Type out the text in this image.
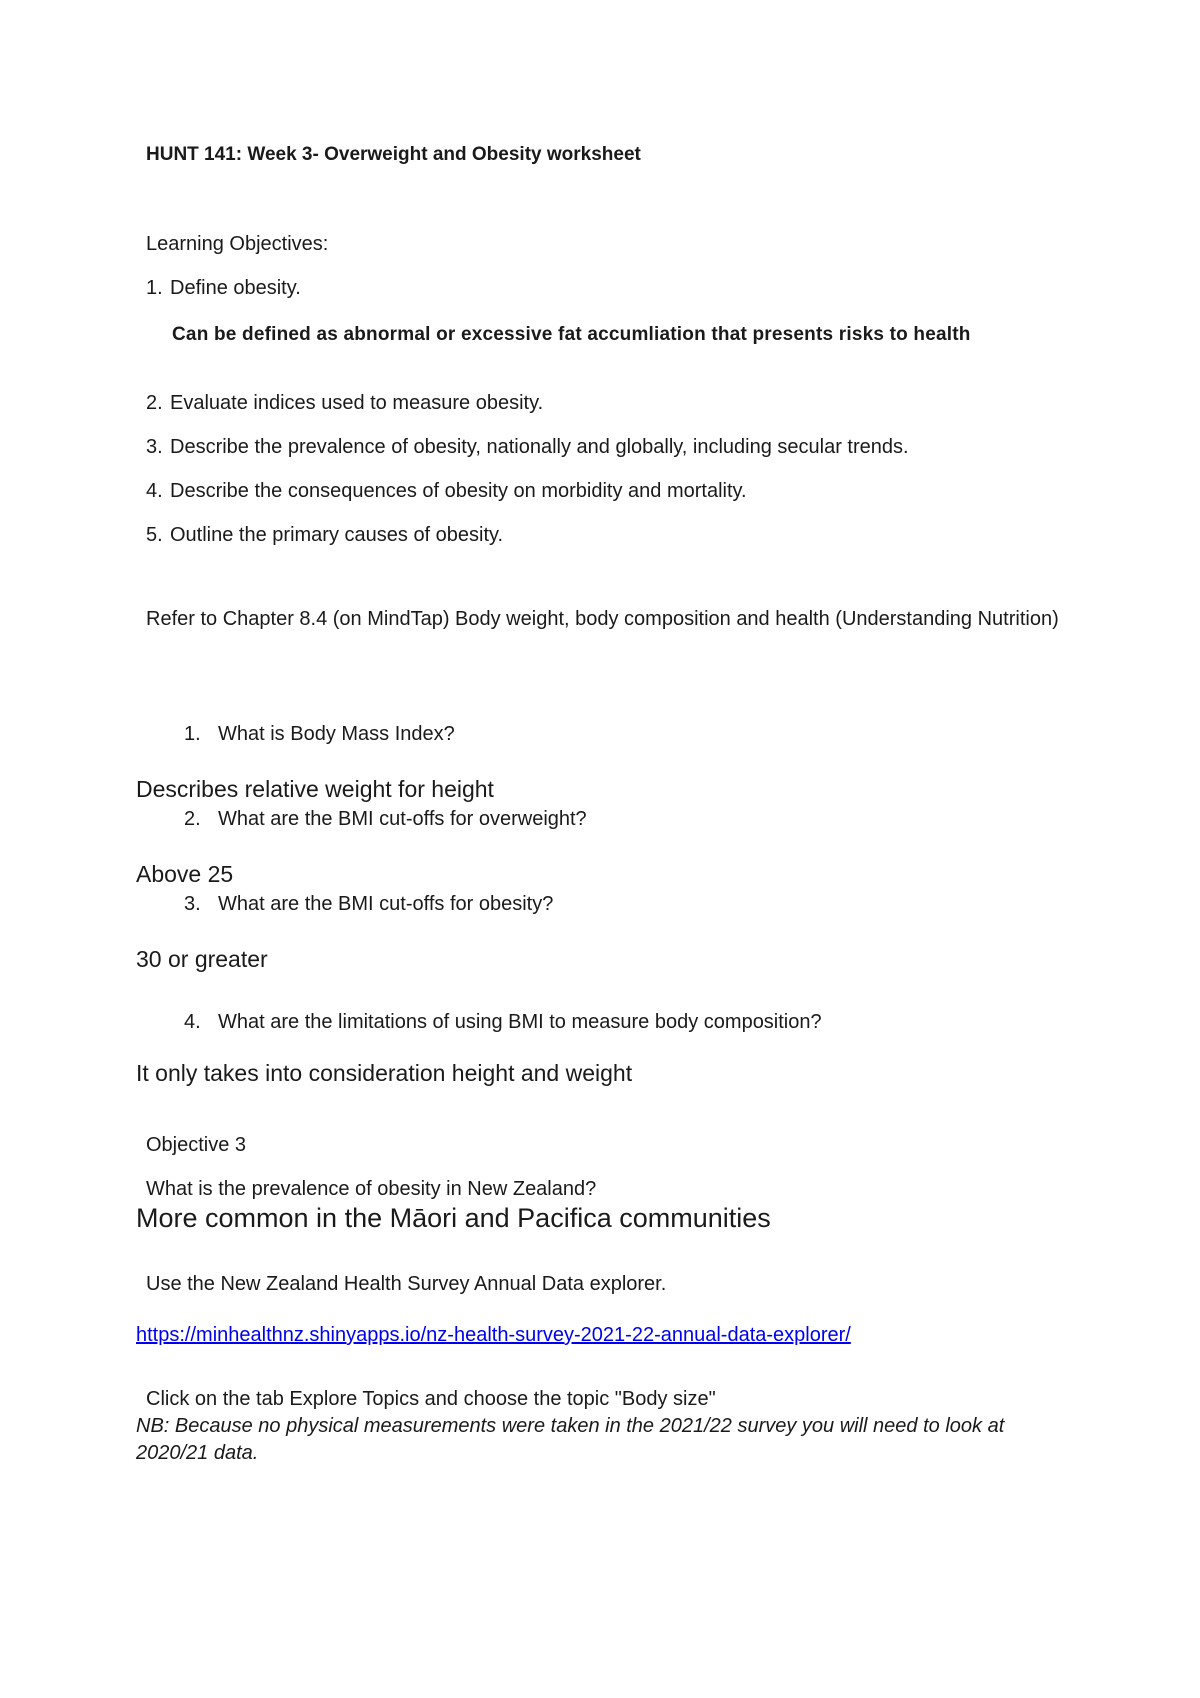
HUNT 141: Week 3- Overweight and Obesity worksheet
Learning Objectives:
1. Define obesity.
Can be defined as abnormal or excessive fat accumliation that presents risks to health
2. Evaluate indices used to measure obesity.
3. Describe the prevalence of obesity, nationally and globally, including secular trends.
4. Describe the consequences of obesity on morbidity and mortality.
5. Outline the primary causes of obesity.
Refer to Chapter 8.4 (on MindTap) Body weight, body composition and health (Understanding Nutrition)
1. What is Body Mass Index?
Describes relative weight for height
2. What are the BMI cut-offs for overweight?
Above 25
3. What are the BMI cut-offs for obesity?
30 or greater
4. What are the limitations of using BMI to measure body composition?
It only takes into consideration height and weight
Objective 3
What is the prevalence of obesity in New Zealand?
More common in the Māori and Pacifica communities
Use the New Zealand Health Survey Annual Data explorer.
https://minhealthnz.shinyapps.io/nz-health-survey-2021-22-annual-data-explorer/
Click on the tab Explore Topics and choose the topic "Body size"
NB: Because no physical measurements were taken in the 2021/22 survey you will need to look at 2020/21 data.
